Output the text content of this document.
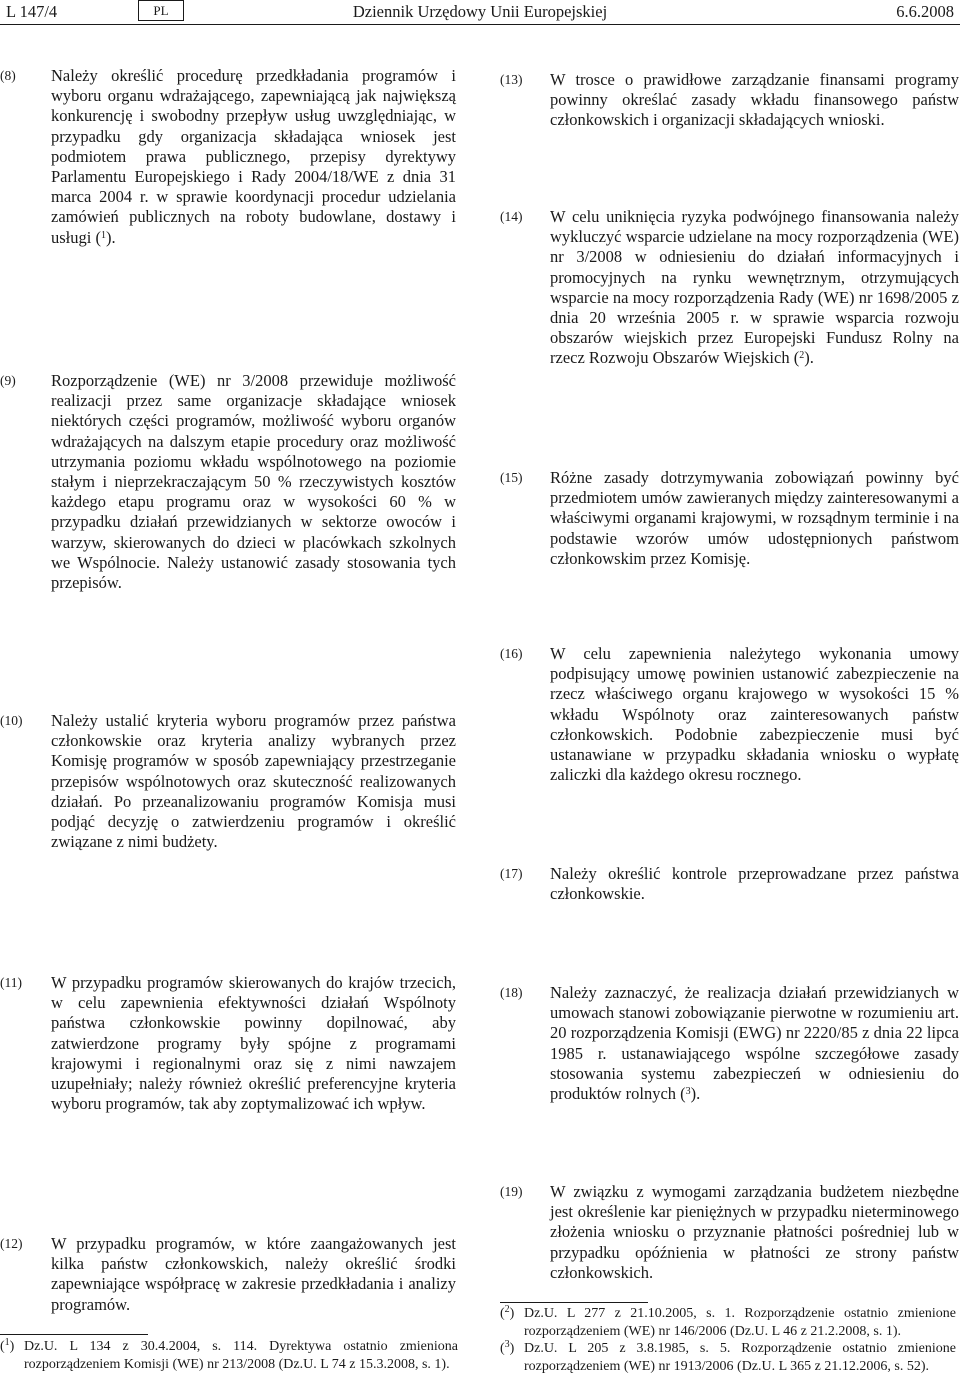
L 147/4	Dziennik Urzędowy Unii Europejskiej
PL	6.6.2008
(8)	Należy określić procedurę przedkładania programów i wyboru organu wdrażającego, zapewniającą jak największą konkurencję i swobodny przepływ usług uwzględniając, w przypadku gdy organizacja składająca wniosek jest podmiotem prawa publicznego, przepisy dyrektywy Parlamentu Europejskiego i Rady 2004/18/WE z dnia 31 marca 2004 r. w sprawie koordynacji procedur udzielania zamówień publicznych na roboty budowlane, dostawy i usługi ($^1$).
(9)	Rozporządzenie (WE) nr 3/2008 przewiduje możliwość realizacji przez same organizacje składające wniosek niektórych części programów, możliwość wyboru organów wdrażających na dalszym etapie procedury oraz możliwość utrzymania poziomu wkładu wspólnotowego na poziomie stałym i nieprzekraczającym 50 % rzeczywistych kosztów każdego etapu programu oraz w wysokości 60 % w przypadku działań przewidzianych w sektorze owoców i warzyw, skierowanych do dzieci w placówkach szkolnych we Wspólnocie. Należy ustanowić zasady stosowania tych przepisów.
(10)	Należy ustalić kryteria wyboru programów przez państwa członkowskie oraz kryteria analizy wybranych przez Komisję programów w sposób zapewniający przestrzeganie przepisów wspólnotowych oraz skuteczność realizowanych działań. Po przeanalizowaniu programów Komisja musi podjąć decyzję o zatwierdzeniu programów i określić związane z nimi budżety.
(11)	W przypadku programów skierowanych do krajów trzecich, w celu zapewnienia efektywności działań Wspólnoty państwa członkowskie powinny dopilnować, aby zatwierdzone programy były spójne z programami krajowymi i regionalnymi oraz się z nimi nawzajem uzupełniały; należy również określić preferencyjne kryteria wyboru programów, tak aby zoptymalizować ich wpływ.
(12)	W przypadku programów, w które zaangażowanych jest kilka państw członkowskich, należy określić środki zapewniające współpracę w zakresie przedkładania i analizy programów.
(13)	W trosce o prawidłowe zarządzanie finansami programy powinny określać zasady wkładu finansowego państw członkowskich i organizacji składających wnioski.
(14)	W celu uniknięcia ryzyka podwójnego finansowania należy wykluczyć wsparcie udzielane na mocy rozporządzenia (WE) nr 3/2008 w odniesieniu do działań informacyjnych i promocyjnych na rynku wewnętrznym, otrzymujących wsparcie na mocy rozporządzenia Rady (WE) nr 1698/2005 z dnia 20 września 2005 r. w sprawie wsparcia rozwoju obszarów wiejskich przez Europejski Fundusz Rolny na rzecz Rozwoju Obszarów Wiejskich ($^2$).
(15)	Różne zasady dotrzymywania zobowiązań powinny być przedmiotem umów zawieranych między zainteresowanymi a właściwymi organami krajowymi, w rozsądnym terminie i na podstawie wzorów umów udostępnionych państwom członkowskim przez Komisję.
(16)	W celu zapewnienia należytego wykonania umowy podpisujący umowę powinien ustanowić zabezpieczenie na rzecz właściwego organu krajowego w wysokości 15 % wkładu Wspólnoty oraz zainteresowanych państw członkowskich. Podobnie zabezpieczenie musi być ustanawiane w przypadku składania wniosku o wypłatę zaliczki dla każdego okresu rocznego.
(17)	Należy określić kontrole przeprowadzane przez państwa członkowskie.
(18)	Należy zaznaczyć, że realizacja działań przewidzianych w umowach stanowi zobowiązanie pierwotne w rozumieniu art. 20 rozporządzenia Komisji (EWG) nr 2220/85 z dnia 22 lipca 1985 r. ustanawiającego wspólne szczegółowe zasady stosowania systemu zabezpieczeń w odniesieniu do produktów rolnych ($^3$).
(19)	W związku z wymogami zarządzania budżetem niezbędne jest określenie kar pieniężnych w przypadku nieterminowego złożenia wniosku o przyznanie płatności pośredniej lub w przypadku opóźnienia w płatności ze strony państw członkowskich.
($^1$) Dz.U. L 134 z 30.4.2004, s. 114. Dyrektywa ostatnio zmieniona rozporządzeniem Komisji (WE) nr 213/2008 (Dz.U. L 74 z 15.3.2008, s. 1).
($^2$) Dz.U. L 277 z 21.10.2005, s. 1. Rozporządzenie ostatnio zmienione rozporządzeniem (WE) nr 146/2006 (Dz.U. L 46 z 21.2.2008, s. 1).
($^3$) Dz.U. L 205 z 3.8.1985, s. 5. Rozporządzenie ostatnio zmienione rozporządzeniem (WE) nr 1913/2006 (Dz.U. L 365 z 21.12.2006, s. 52).
